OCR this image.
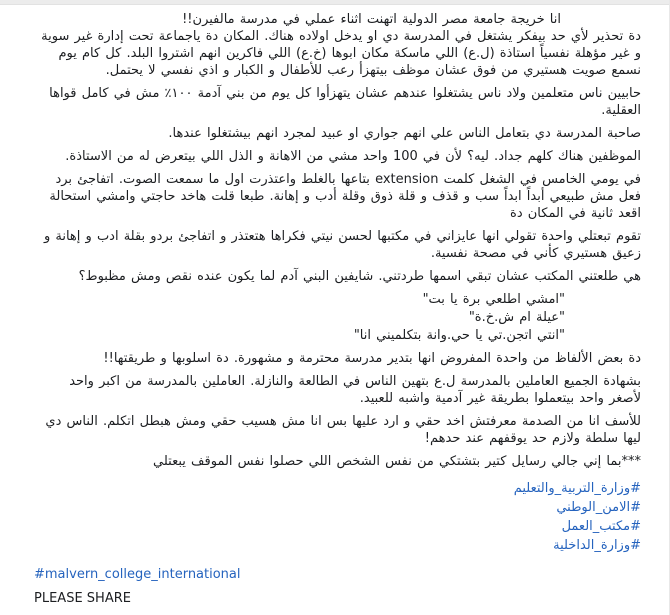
انا خريجة جامعة مصر الدولية اتهنت اثناء عملي في مدرسة مالفيرن!!

دة تحذير لأي حد بيفكر يشتغل في المدرسة دي او يدخل اولاده هناك. المكان دة ياجماعة تحت إدارة غير سوية و غير مؤهلة نفسياً استاذة (ل.ع) اللي ماسكة مكان ابوها (خ.ع) اللي فاكرين انهم اشتروا البلد. كل كام يوم نسمع صويت هستيري من فوق عشان موظف بيتهزأ رعب للأطفال و الكبار و اذي نفسي لا يحتمل.

حابيين ناس متعلمين ولاد ناس يشتغلوا عندهم عشان يتهزأوا كل يوم من بني آدمة ١٠٠٪ مش في كامل قواها العقلية.

صاحبة المدرسة دي بتعامل الناس علي انهم جواري او عبيد لمجرد انهم بيشتغلوا عندها.

الموظفين هناك كلهم جداد. ليه؟ لأن في 100 واحد مشي من الاهانة و الذل اللي بيتعرض له من الاستاذة.

في يومي الخامس في الشغل كلمت extension بتاعها بالغلط واعتذرت اول ما سمعت الصوت. اتفاجئ برد فعل مش طبيعي أبداً ابداً سب و قذف و قلة ذوق وقلة أدب و إهانة. طبعا قلت هاخد حاجتي وامشي استحالة اقعد ثانية في المكان دة

تقوم تبعتلي واحدة تقولي انها عايزاني في مكتبها لحسن نيتي فكراها هتعتذر و اتفاجئ بردو بقلة ادب و إهانة و زعيق هستيري كأني في مصحة نفسية.

هي طلعتني المكتب عشان تبقي اسمها طردتني. شايفين البني آدم لما يكون عنده نقص ومش مظبوط؟

"امشي اطلعي برة يا بت"

"عيلة ام ش.خ.ة"

"انتي اتجن.تي يا حي.وانة بتكلميني انا"

دة بعض الألفاظ من واحدة المفروض انها بتدير مدرسة محترمة و مشهورة. دة اسلوبها و طريقتها!!

بشهادة الجميع العاملين بالمدرسة ل.ع بتهين الناس في الطالعة والنازلة. العاملين بالمدرسة من اكبر واحد لأصغر واحد بيتعملوا بطريقة غير آدمية واشبه للعبيد.

للأسف انا من الصدمة معرفتش اخد حقي و ارد عليها بس انا مش هسيب حقي ومش هبطل اتكلم. الناس دي ليها سلطة ولازم حد يوقفهم عند حدهم!

***بما إني جالي رسايل كتير بتشتكي من نفس الشخص اللي حصلوا نفس الموقف يبعتلي

#وزارة_التربية_والتعليم
#الامن_الوطني
#مكتب_العمل
#وزارة_الداخلية
#malvern_college_international
PLEASE SHARE
